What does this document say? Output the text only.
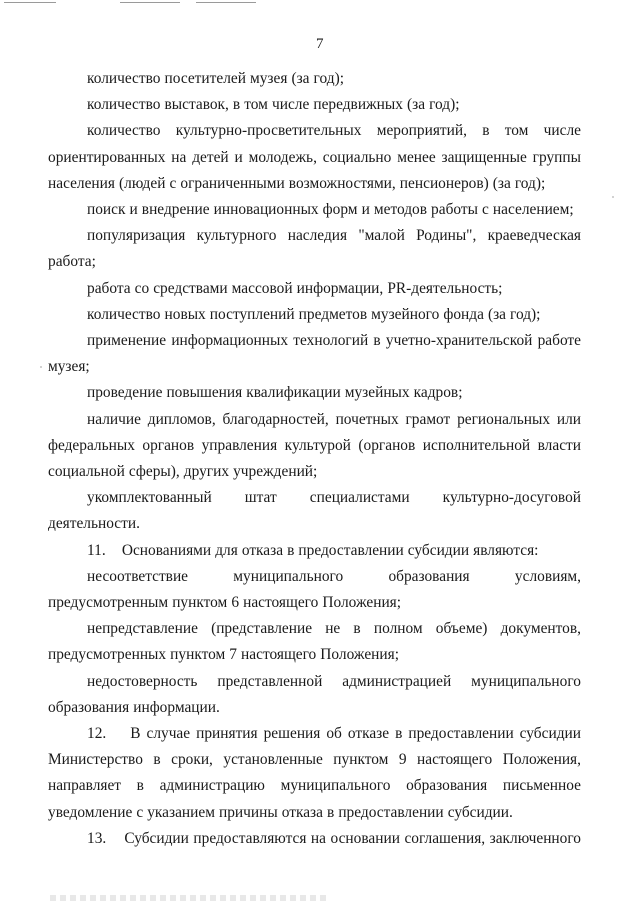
7

количество посетителей музея (за год);

количество выставок, в том числе передвижных (за год);

количество культурно-просветительных мероприятий, в том числе ориентированных на детей и молодежь, социально менее защищенные группы населения (людей с ограниченными возможностями, пенсионеров) (за год);

поиск и внедрение инновационных форм и методов работы с населением;

популяризация культурного наследия "малой Родины", краеведческая работа;

работа со средствами массовой информации, PR-деятельность;

количество новых поступлений предметов музейного фонда (за год);

применение информационных технологий в учетно-хранительской работе музея;

проведение повышения квалификации музейных кадров;

наличие дипломов, благодарностей, почетных грамот региональных или федеральных органов управления культурой (органов исполнительной власти социальной сферы), других учреждений;

укомплектованный штат специалистами культурно-досуговой деятельности.

11.    Основаниями для отказа в предоставлении субсидии являются:

несоответствие муниципального образования условиям, предусмотренным пунктом 6 настоящего Положения;

непредставление (представление не в полном объеме) документов, предусмотренных пунктом 7 настоящего Положения;

недостоверность представленной администрацией муниципального образования информации.

12.    В случае принятия решения об отказе в предоставлении субсидии Министерство в сроки, установленные пунктом 9 настоящего Положения, направляет в администрацию муниципального образования письменное уведомление с указанием причины отказа в предоставлении субсидии.

13.    Субсидии предоставляются на основании соглашения, заключенного
